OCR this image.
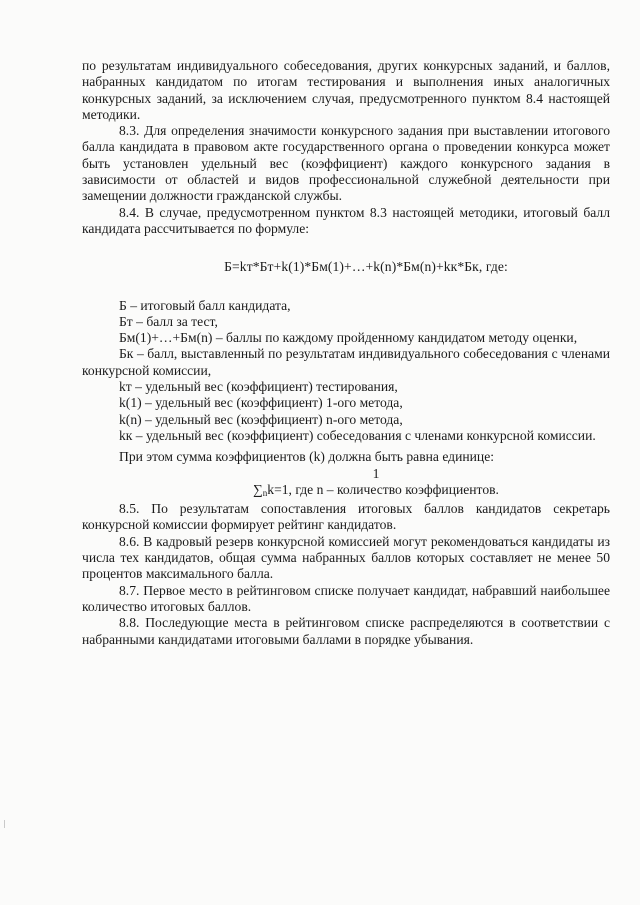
по результатам индивидуального собеседования, других конкурсных заданий, и баллов, набранных кандидатом по итогам тестирования и выполнения иных аналогичных конкурсных заданий, за исключением случая, предусмотренного пунктом 8.4 настоящей методики.

8.3. Для определения значимости конкурсного задания при выставлении итогового балла кандидата в правовом акте государственного органа о проведении конкурса может быть установлен удельный вес (коэффициент) каждого конкурсного задания в зависимости от областей и видов профессиональной служебной деятельности при замещении должности гражданской службы.

8.4. В случае, предусмотренном пунктом 8.3 настоящей методики, итоговый балл кандидата рассчитывается по формуле:

Б=kт*Бт+k(1)*Бм(1)+…+k(n)*Бм(n)+kк*Бк, где:

Б – итоговый балл кандидата,

Бт – балл за тест,

Бм(1)+…+Бм(n) – баллы по каждому пройденному кандидатом методу оценки,

Бк – балл, выставленный по результатам индивидуального собеседования с членами конкурсной комиссии,

kт – удельный вес (коэффициент) тестирования,

k(1) – удельный вес (коэффициент) 1-ого метода,

k(n) – удельный вес (коэффициент) n-ого метода,

kк – удельный вес (коэффициент) собеседования с членами конкурсной комиссии.

При этом сумма коэффициентов (k) должна быть равна единице:

1
$\sum_nk=1$, где n – количество коэффициентов.

8.5. По результатам сопоставления итоговых баллов кандидатов секретарь конкурсной комиссии формирует рейтинг кандидатов.

8.6. В кадровый резерв конкурсной комиссией могут рекомендоваться кандидаты из числа тех кандидатов, общая сумма набранных баллов которых составляет не менее 50 процентов максимального балла.

8.7. Первое место в рейтинговом списке получает кандидат, набравший наибольшее количество итоговых баллов.

8.8. Последующие места в рейтинговом списке распределяются в соответствии с набранными кандидатами итоговыми баллами в порядке убывания.
